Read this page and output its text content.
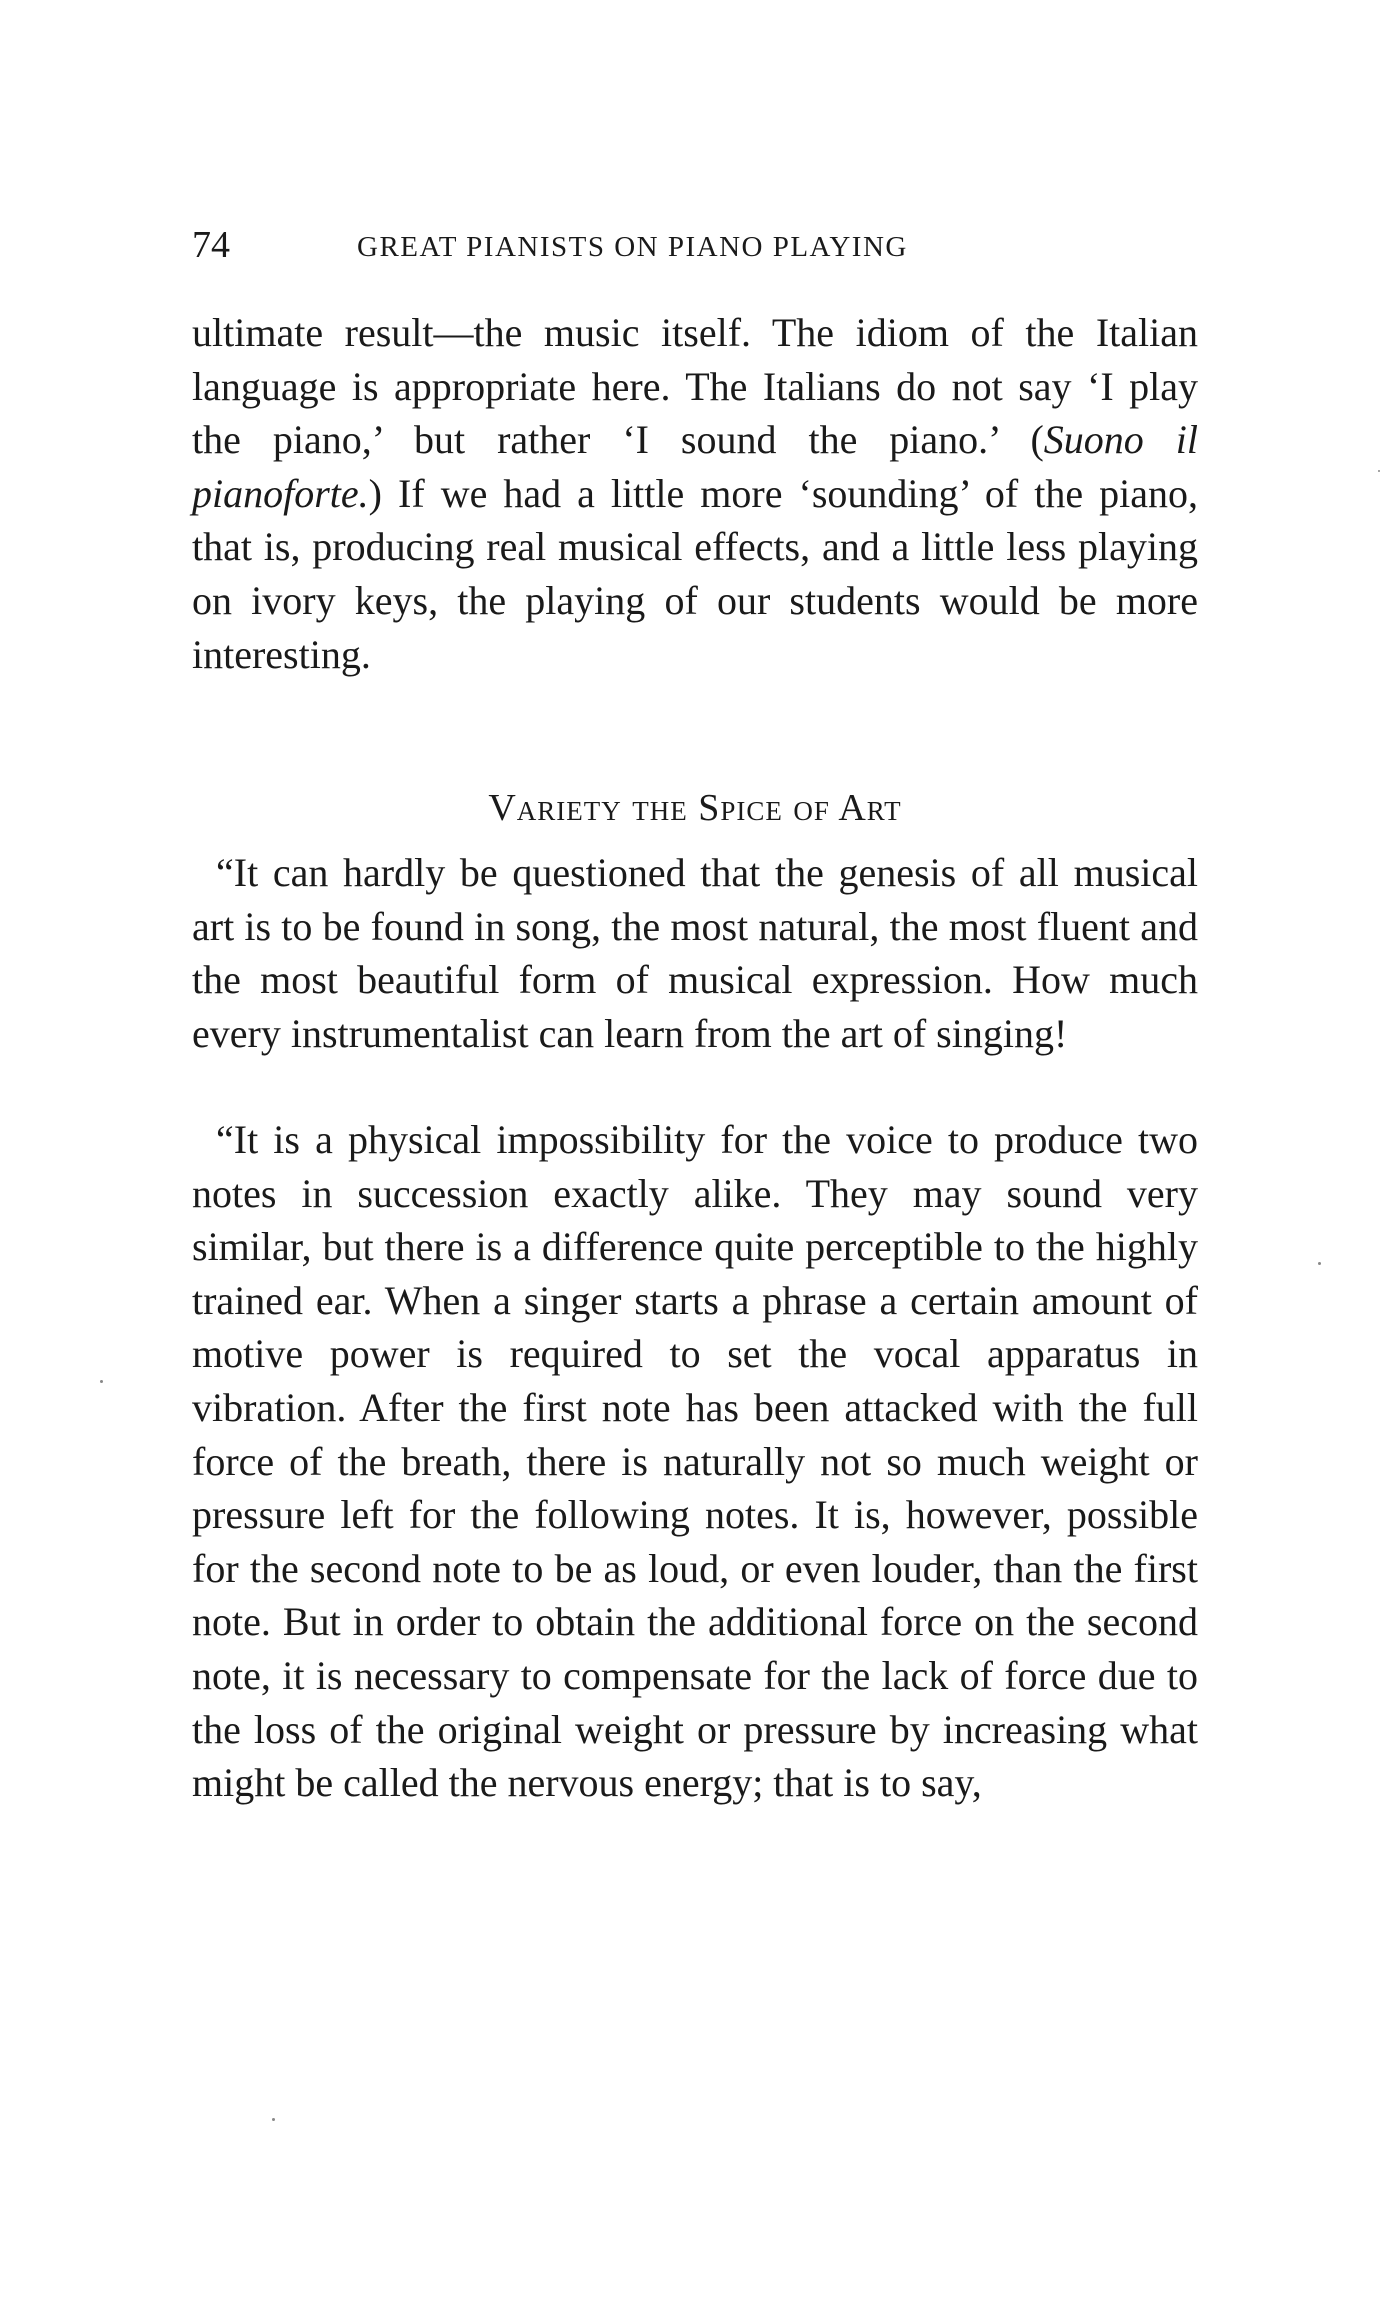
74	GREAT PIANISTS ON PIANO PLAYING

ultimate result—the music itself. The idiom of the Italian language is appropriate here. The Italians do not say ‘I play the piano,’ but rather ‘I sound the piano.’ (Suono il pianoforte.) If we had a little more ‘sounding’ of the piano, that is, producing real musical effects, and a little less playing on ivory keys, the playing of our students would be more interesting.

Variety the Spice of Art

“It can hardly be questioned that the genesis of all musical art is to be found in song, the most natural, the most fluent and the most beautiful form of musical expression. How much every instrumentalist can learn from the art of singing!

“It is a physical impossibility for the voice to produce two notes in succession exactly alike. They may sound very similar, but there is a difference quite perceptible to the highly trained ear. When a singer starts a phrase a certain amount of motive power is required to set the vocal apparatus in vibration. After the first note has been attacked with the full force of the breath, there is naturally not so much weight or pressure left for the following notes. It is, however, possible for the second note to be as loud, or even louder, than the first note. But in order to obtain the additional force on the second note, it is necessary to compensate for the lack of force due to the loss of the original weight or pressure by increasing what might be called the nervous energy; that is to say,
